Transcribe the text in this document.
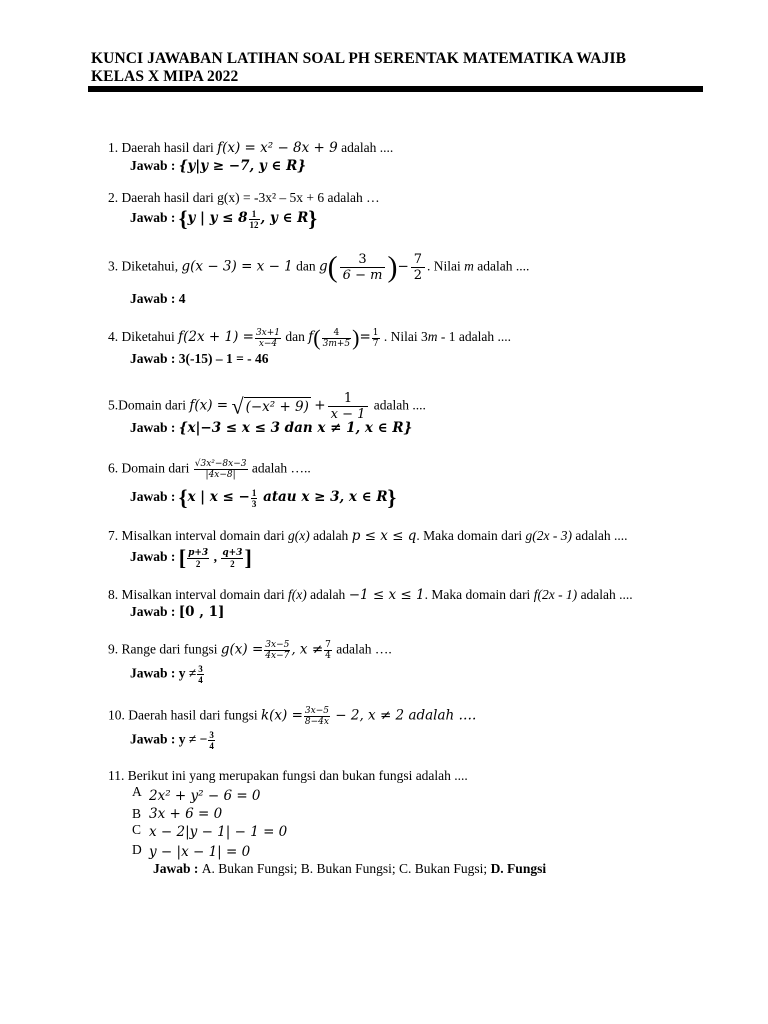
KUNCI JAWABAN LATIHAN SOAL PH SERENTAK MATEMATIKA WAJIB
KELAS X MIPA 2022
1. Daerah hasil dari f(x) = x² − 8x + 9 adalah ....
Jawab : {y|y ≥ −7, y ∈ R}
2. Daerah hasil dari g(x) = -3x² – 5x + 6 adalah …
Jawab : {y | $y \le 8 \frac{1}{12}$ , y ∈ R}
3. Diketahui, g(x − 3) = x − 1 dan $g( \frac{3}{6 - m}$ )− $\frac{7}{2}$ . Nilai m adalah ....
Jawab : 4
4. Diketahui $f(2x + 1) = \frac{3x+1}{x-4}$ dan $f( \frac{4}{3m+5}$ )= $\frac{1}{7}$ . Nilai 3m - 1 adalah ....
Jawab : 3(-15) – 1 = - 46
5.Domain dari f(x) = √ $(-x^2 + 9) + \frac{1}{x - 1}$ adalah ....
Jawab : {x|−3 ≤ x ≤ 3 dan x ≠ 1, x ∈ R}
6. Domain dari $\frac{\text{√3x²−8x−3}}{|4x-8|}$ adalah …..
Jawab : {x | x ≤ − $\frac{1}{3}$ atau x ≥ 3, x ∈ R}
7. Misalkan interval domain dari g(x) adalah p ≤ x ≤ q. Maka domain dari g(2x - 3) adalah ....
Jawab : [ $\frac{p+3}{2}$ , $\frac{q+3}{2}$ ]
8. Misalkan interval domain dari f(x) adalah −1 ≤ x ≤ 1. Maka domain dari f(2x - 1) adalah ....
Jawab : [0 , 1]
9. Range dari fungsi $g(x) = \frac{3x-5}{4x-7}$ , $x \ne \frac{7}{4}$ adalah ….
Jawab : $y \ne \frac{3}{4}$
10. Daerah hasil dari fungsi $k(x) = \frac{3x-5}{8-4x} - 2$, x ≠ 2 adalah ….
Jawab : y ≠ − $\frac{3}{4}$
11. Berikut ini yang merupakan fungsi dan bukan fungsi adalah ....
A 2x² + y² − 6 = 0
B 3x + 6 = 0
C x − 2|y − 1| − 1 = 0
D y − |x − 1| = 0
Jawab : A. Bukan Fungsi; B. Bukan Fungsi; C. Bukan Fugsi; D. Fungsi
